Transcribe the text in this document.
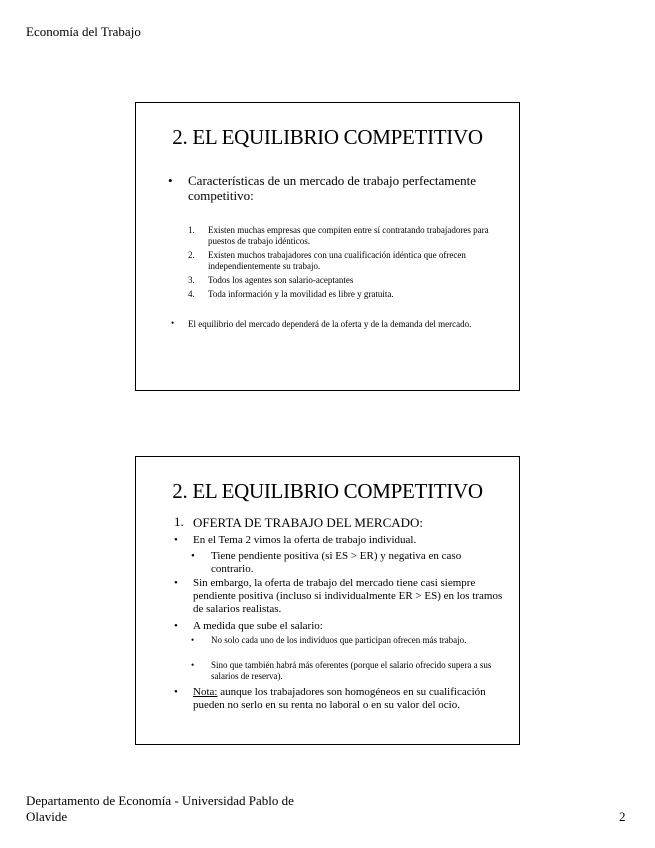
Economía del Trabajo
2. EL EQUILIBRIO COMPETITIVO
• Características de un mercado de trabajo perfectamente competitivo:
1. Existen muchas empresas que compiten entre sí contratando trabajadores para puestos de trabajo idénticos.
2. Existen muchos trabajadores con una cualificación idéntica que ofrecen independientemente su trabajo.
3. Todos los agentes son salario-aceptantes
4. Toda información y la movilidad es libre y gratuita.
• El equilibrio del mercado dependerá de la oferta y de la demanda del mercado.
2. EL EQUILIBRIO COMPETITIVO
1. OFERTA DE TRABAJO DEL MERCADO:
• En el Tema 2 vimos la oferta de trabajo individual.
• Tiene pendiente positiva (si ES > ER) y negativa en caso contrario.
• Sin embargo, la oferta de trabajo del mercado tiene casi siempre pendiente positiva (incluso si individualmente ER > ES) en los tramos de salarios realistas.
• A medida que sube el salario:
• No solo cada uno de los individuos que participan ofrecen más trabajo.
• Sino que también habrá más oferentes (porque el salario ofrecido supera a sus salarios de reserva).
• Nota: aunque los trabajadores son homogéneos en su cualificación pueden no serlo en su renta no laboral o en su valor del ocio.
Departamento de Economía - Universidad Pablo de Olavide	2
